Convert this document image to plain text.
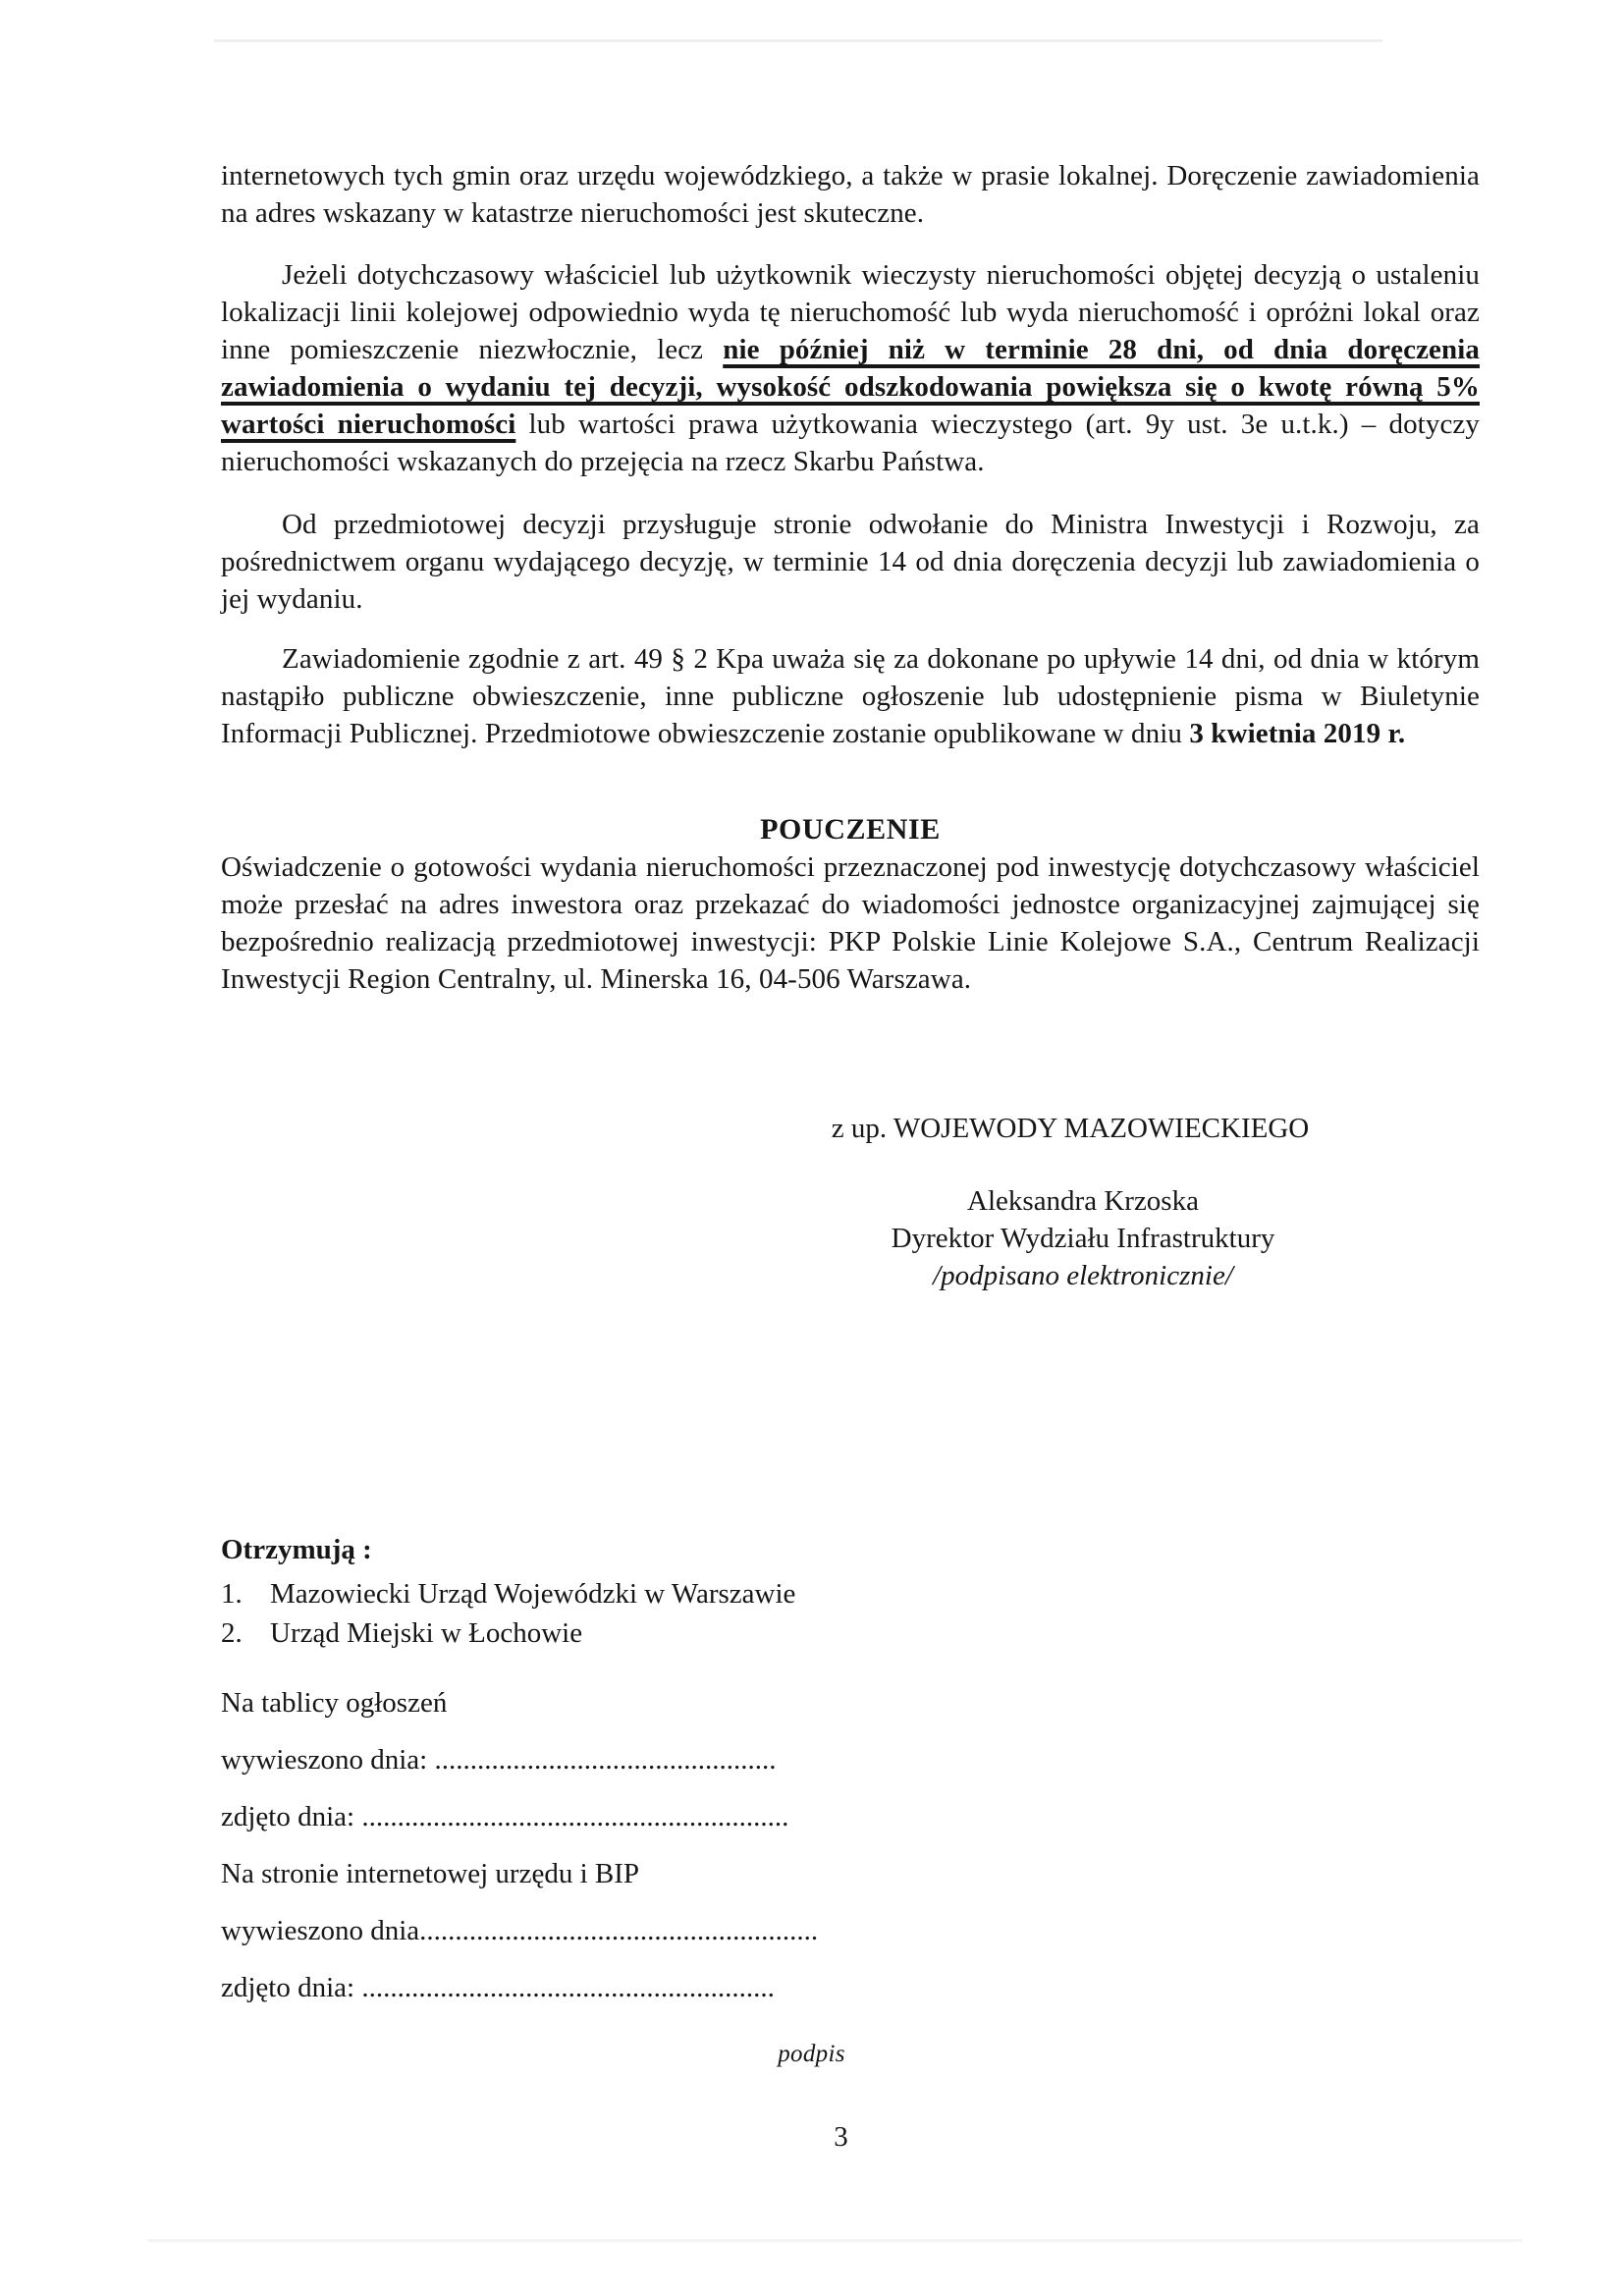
internetowych tych gmin oraz urzędu wojewódzkiego, a także w prasie lokalnej. Doręczenie zawiadomienia na adres wskazany w katastrze nieruchomości jest skuteczne.

Jeżeli dotychczasowy właściciel lub użytkownik wieczysty nieruchomości objętej decyzją o ustaleniu lokalizacji linii kolejowej odpowiednio wyda tę nieruchomość lub wyda nieruchomość i opróżni lokal oraz inne pomieszczenie niezwłocznie, lecz nie później niż w terminie 28 dni, od dnia doręczenia zawiadomienia o wydaniu tej decyzji, wysokość odszkodowania powiększa się o kwotę równą 5% wartości nieruchomości lub wartości prawa użytkowania wieczystego (art. 9y ust. 3e u.t.k.) – dotyczy nieruchomości wskazanych do przejęcia na rzecz Skarbu Państwa.

Od przedmiotowej decyzji przysługuje stronie odwołanie do Ministra Inwestycji i Rozwoju, za pośrednictwem organu wydającego decyzję, w terminie 14 od dnia doręczenia decyzji lub zawiadomienia o jej wydaniu.

Zawiadomienie zgodnie z art. 49 § 2 Kpa uważa się za dokonane po upływie 14 dni, od dnia w którym nastąpiło publiczne obwieszczenie, inne publiczne ogłoszenie lub udostępnienie pisma w Biuletynie Informacji Publicznej. Przedmiotowe obwieszczenie zostanie opublikowane w dniu 3 kwietnia 2019 r.

POUCZENIE

Oświadczenie o gotowości wydania nieruchomości przeznaczonej pod inwestycję dotychczasowy właściciel może przesłać na adres inwestora oraz przekazać do wiadomości jednostce organizacyjnej zajmującej się bezpośrednio realizacją przedmiotowej inwestycji: PKP Polskie Linie Kolejowe S.A., Centrum Realizacji Inwestycji Region Centralny, ul. Minerska 16, 04-506 Warszawa.

z up. WOJEWODY MAZOWIECKIEGO
Aleksandra Krzoska
Dyrektor Wydziału Infrastruktury
/podpisano elektronicznie/
Otrzymują :
1. Mazowiecki Urząd Wojewódzki w Warszawie
2. Urząd Miejski w Łochowie
Na tablicy ogłoszeń
wywieszono dnia: ................................................
zdjęto dnia: ............................................................
Na stronie internetowej urzędu i BIP
wywieszono dnia........................................................
zdjęto dnia: ..........................................................
podpis
3
